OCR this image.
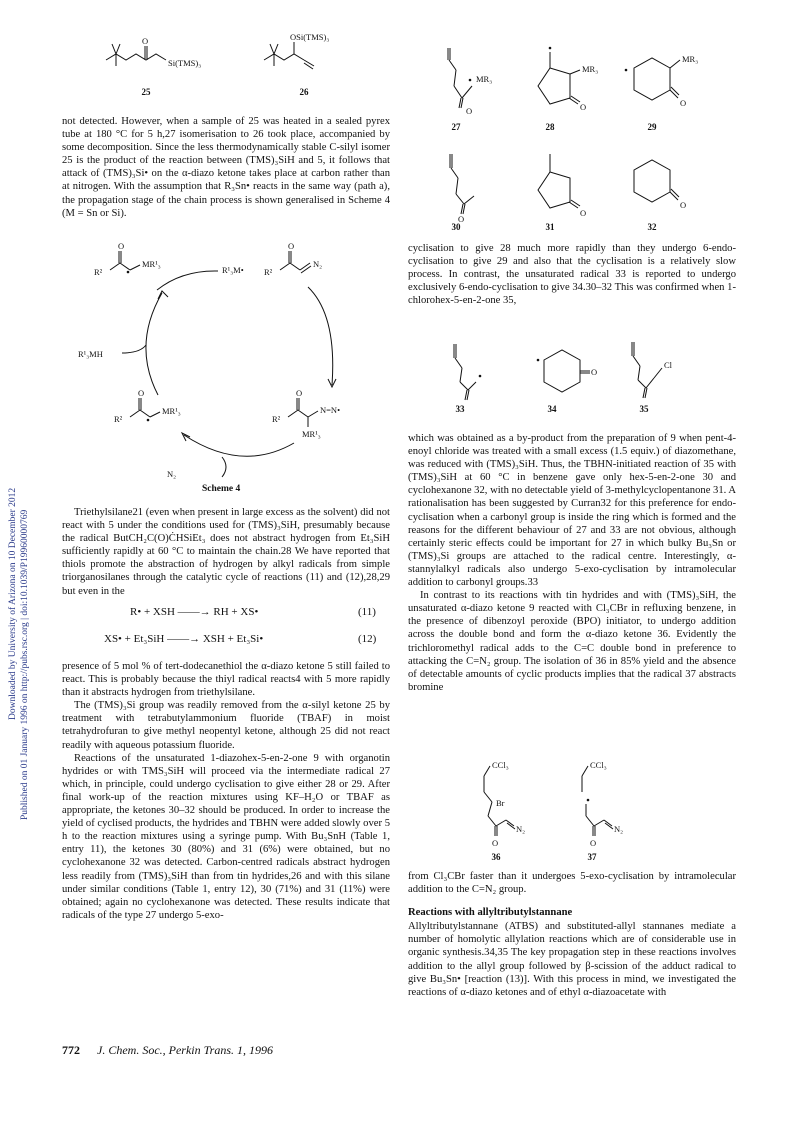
Published on 01 January 1996 on http://pubs.rsc.org | doi:10.1039/P19960000769
Downloaded by University of Arizona on 10 December 2012
O
Si(TMS)₃
25
OSi(TMS)₃
26

not detected. However, when a sample of 25 was heated in a sealed pyrex tube at 180 °C for 5 h,27 isomerisation to 26 took place, accompanied by some decomposition. Since the less thermodynamically stable C-silyl isomer 25 is the product of the reaction between (TMS)₃SiH and 5, it follows that attack of (TMS)₃Si• on the α-diazo ketone takes place at carbon rather than at nitrogen. With the assumption that R₃Sn• reacts in the same way (path a), the propagation stage of the chain process is shown generalised in Scheme 4 (M = Sn or Si).

O
R²
MR¹₃
O
R²
N₂
R¹₃M•
R¹₃MH
O
R²
MR¹₃
O
R²
N=N•
MR¹₃
N₂
Scheme 4

Triethylsilane21 (even when present in large excess as the solvent) did not react with 5 under the conditions used for (TMS)₃SiH, presumably because the radical ButCH₂C(O)ĊHSiEt₃ does not abstract hydrogen from Et₃SiH sufficiently rapidly at 60 °C to maintain the chain.28 We have reported that thiols promote the abstraction of hydrogen by alkyl radicals from simple triorganosilanes through the catalytic cycle of reactions (11) and (12),28,29 but even in the

R• + XSH ——→ RH + XS•	(11)
XS• + Et₃SiH ——→ XSH + Et₃Si•	(12)

presence of 5 mol % of tert-dodecanethiol the α-diazo ketone 5 still failed to react. This is probably because the thiyl radical reacts4 with 5 more rapidly than it abstracts hydrogen from triethylsilane.

The (TMS)₃Si group was readily removed from the α-silyl ketone 25 by treatment with tetrabutylammonium fluoride (TBAF) in moist tetrahydrofuran to give methyl neopentyl ketone, although 25 did not react readily with aqueous potassium fluoride.

Reactions of the unsaturated 1-diazohex-5-en-2-one 9 with organotin hydrides or with TMS₃SiH will proceed via the intermediate radical 27 which, in principle, could undergo cyclisation to give either 28 or 29. After final work-up of the reaction mixtures using KF–H₂O or TBAF as appropriate, the ketones 30–32 should be produced. In order to increase the yield of cyclised products, the hydrides and TBHN were added slowly over 5 h to the reaction mixtures using a syringe pump. With Bu₃SnH (Table 1, entry 11), the ketones 30 (80%) and 31 (6%) were obtained, but no cyclohexanone 32 was detected. Carbon-centred radicals abstract hydrogen less readily from (TMS)₃SiH than from tin hydrides,26 and with this silane under similar conditions (Table 1, entry 12), 30 (71%) and 31 (11%) were obtained; again no cyclohexanone was detected. These results indicate that radicals of the type 27 undergo 5-exo-

O
MR₃
27
O
MR₃
28
O
MR₃
29
O
30
O
31
O
32

cyclisation to give 28 much more rapidly than they undergo 6-endo-cyclisation to give 29 and also that the cyclisation is a relatively slow process. In contrast, the unsaturated radical 33 is reported to undergo exclusively 6-endo-cyclisation to give 34.30–32 This was confirmed when 1-chlorohex-5-en-2-one 35,

33
O
34
Cl
35

which was obtained as a by-product from the preparation of 9 when pent-4-enoyl chloride was treated with a small excess (1.5 equiv.) of diazomethane, was reduced with (TMS)₃SiH. Thus, the TBHN-initiated reaction of 35 with (TMS)₃SiH at 60 °C in benzene gave only hex-5-en-2-one 30 and cyclohexanone 32, with no detectable yield of 3-methylcyclopentanone 31. A rationalisation has been suggested by Curran32 for this preference for endo-cyclisation when a carbonyl group is inside the ring which is formed and the reasons for the different behaviour of 27 and 33 are not obvious, although certainly steric effects could be important for 27 in which bulky Bu₃Sn or (TMS)₃Si groups are attached to the radical centre. Interestingly, α-stannylalkyl radicals also undergo 5-exo-cyclisation by intramolecular addition to carbonyl groups.33

In contrast to its reactions with tin hydrides and with (TMS)₃SiH, the unsaturated α-diazo ketone 9 reacted with Cl₃CBr in refluxing benzene, in the presence of dibenzoyl peroxide (BPO) initiator, to undergo addition across the double bond and form the α-diazo ketone 36. Evidently the trichloromethyl radical adds to the C=C double bond in preference to attacking the C=N₂ group. The isolation of 36 in 85% yield and the absence of detectable amounts of cyclic products implies that the radical 37 abstracts bromine

CCl₃
Br
O
N₂
36
CCl₃
O
N₂
37

from Cl₃CBr faster than it undergoes 5-exo-cyclisation by intramolecular addition to the C=N₂ group.

Reactions with allyltributylstannane

Allyltributylstannane (ATBS) and substituted-allyl stannanes mediate a number of homolytic allylation reactions which are of considerable use in organic synthesis.34,35 The key propagation step in these reactions involves addition to the allyl group followed by β-scission of the adduct radical to give Bu₃Sn• [reaction (13)]. With this process in mind, we investigated the reactions of α-diazo ketones and of ethyl α-diazoacetate with

772 J. Chem. Soc., Perkin Trans. 1, 1996
